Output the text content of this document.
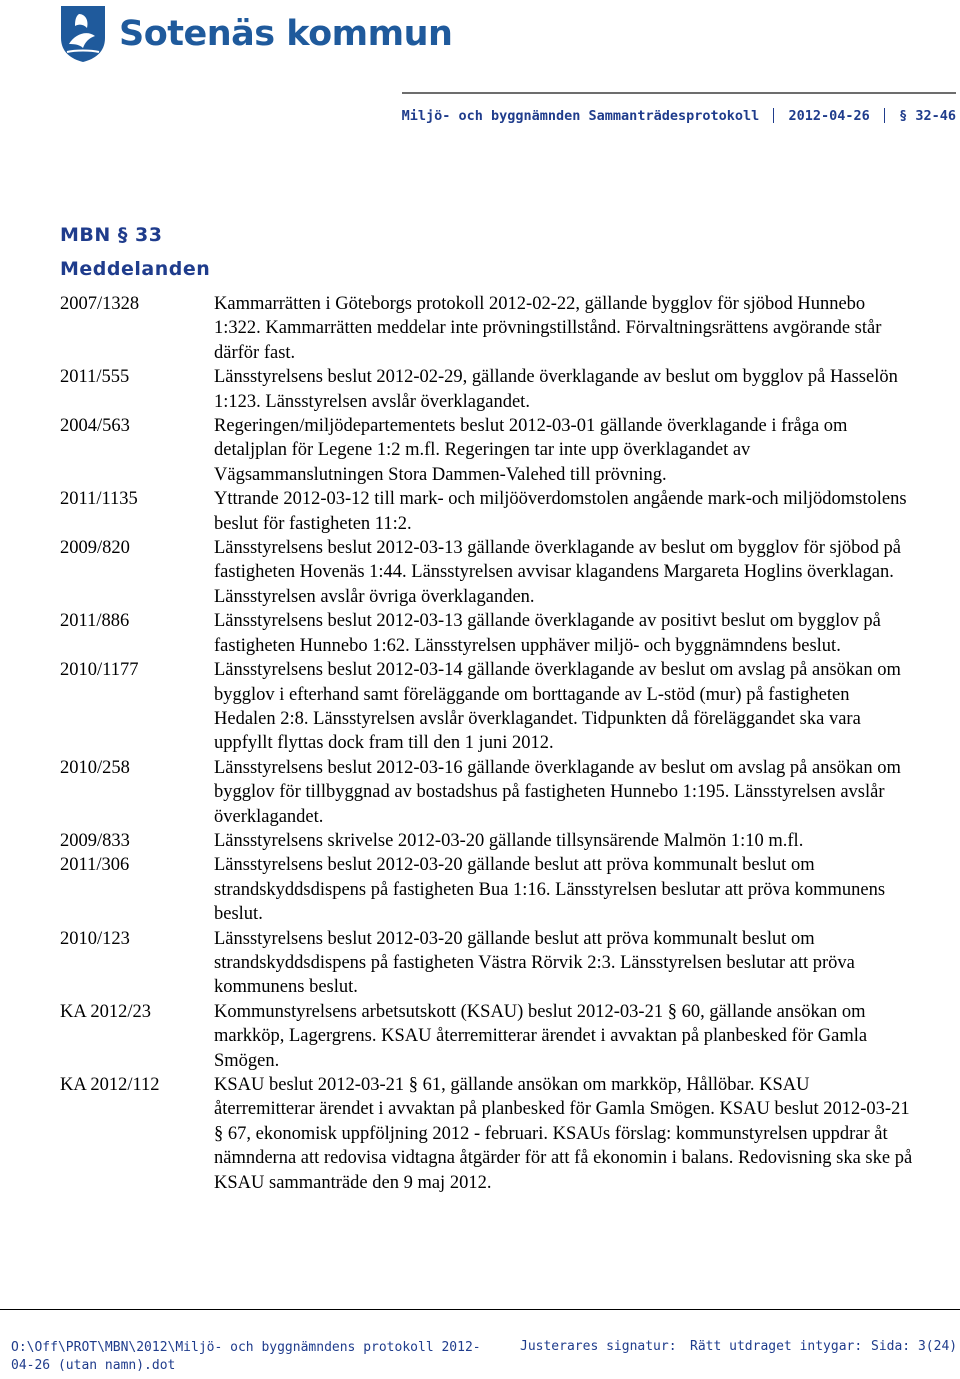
Sotenäs kommun
Miljö- och byggnämnden Sammanträdesprotokoll 2012-04-26 § 32-46
MBN § 33
Meddelanden
2007/1328	Kammarrätten i Göteborgs protokoll 2012-02-22, gällande bygglov för sjöbod Hunnebo 1:322. Kammarrätten meddelar inte prövningstillstånd. Förvaltningsrättens avgörande står därför fast.
2011/555	Länsstyrelsens beslut 2012-02-29, gällande överklagande av beslut om bygglov på Hasselön 1:123. Länsstyrelsen avslår överklagandet.
2004/563	Regeringen/miljödepartementets beslut 2012-03-01 gällande överklagande i fråga om detaljplan för Legene 1:2 m.fl. Regeringen tar inte upp överklagandet av Vägsammanslutningen Stora Dammen-Valehed till prövning.
2011/1135	Yttrande 2012-03-12 till mark- och miljööverdomstolen angående mark-och miljödomstolens beslut för fastigheten 11:2.
2009/820	Länsstyrelsens beslut 2012-03-13 gällande överklagande av beslut om bygglov för sjöbod på fastigheten Hovenäs 1:44. Länsstyrelsen avvisar klagandens Margareta Hoglins överklagan. Länsstyrelsen avslår övriga överklaganden.
2011/886	Länsstyrelsens beslut 2012-03-13 gällande överklagande av positivt beslut om bygglov på fastigheten Hunnebo 1:62. Länsstyrelsen upphäver miljö- och byggnämndens beslut.
2010/1177	Länsstyrelsens beslut 2012-03-14 gällande överklagande av beslut om avslag på ansökan om bygglov i efterhand samt föreläggande om borttagande av L-stöd (mur) på fastigheten Hedalen 2:8. Länsstyrelsen avslår överklagandet. Tidpunkten då föreläggandet ska vara uppfyllt flyttas dock fram till den 1 juni 2012.
2010/258	Länsstyrelsens beslut 2012-03-16 gällande överklagande av beslut om avslag på ansökan om bygglov för tillbyggnad av bostadshus på fastigheten Hunnebo 1:195. Länsstyrelsen avslår överklagandet.
2009/833	Länsstyrelsens skrivelse 2012-03-20 gällande tillsynsärende Malmön 1:10 m.fl.
2011/306	Länsstyrelsens beslut 2012-03-20 gällande beslut att pröva kommunalt beslut om strandskyddsdispens på fastigheten Bua 1:16. Länsstyrelsen beslutar att pröva kommunens beslut.
2010/123	Länsstyrelsens beslut 2012-03-20 gällande beslut att pröva kommunalt beslut om strandskyddsdispens på fastigheten Västra Rörvik 2:3. Länsstyrelsen beslutar att pröva kommunens beslut.
KA 2012/23	Kommunstyrelsens arbetsutskott (KSAU) beslut 2012-03-21 § 60, gällande ansökan om markköp, Lagergrens. KSAU återremitterar ärendet i avvaktan på planbesked för Gamla Smögen.
KA 2012/112	KSAU beslut 2012-03-21 § 61, gällande ansökan om markköp, Hållöbar. KSAU återremitterar ärendet i avvaktan på planbesked för Gamla Smögen. KSAU beslut 2012-03-21 § 67, ekonomisk uppföljning 2012 - februari. KSAUs förslag: kommunstyrelsen uppdrar åt nämnderna att redovisa vidtagna åtgärder för att få ekonomin i balans. Redovisning ska ske på KSAU sammanträde den 9 maj 2012.
O:\Off\PROT\MBN\2012\Miljö- och byggnämndens protokoll 2012-04-26 (utan namn).dot
Justerares signatur: Rätt utdraget intygar: Sida: 3(24)
